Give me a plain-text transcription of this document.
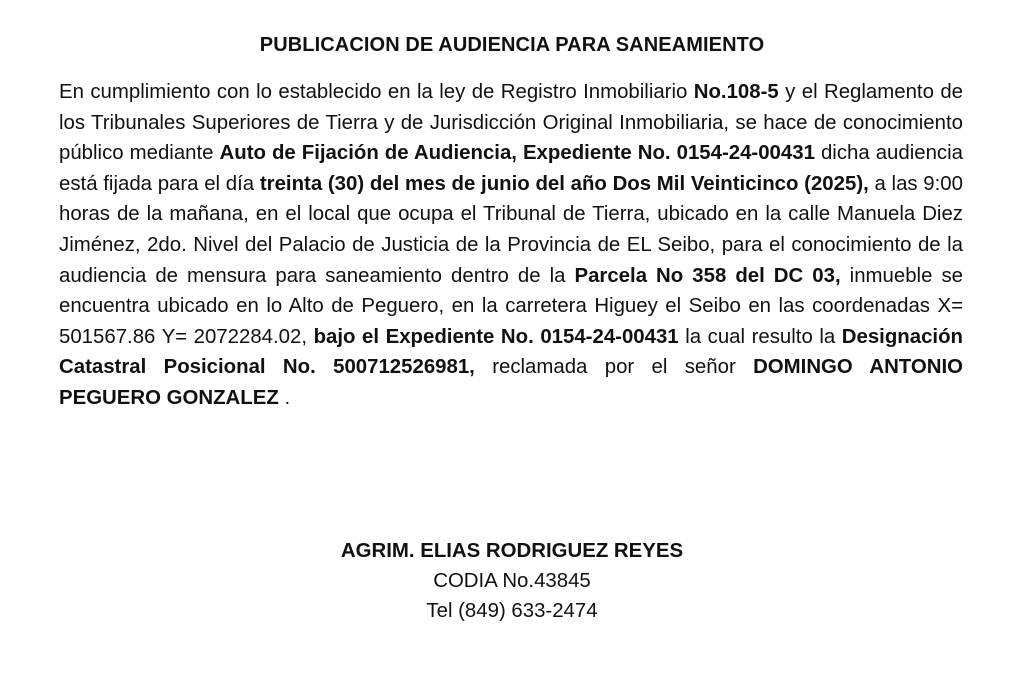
PUBLICACION DE AUDIENCIA PARA SANEAMIENTO
En cumplimiento con lo establecido en la ley de Registro Inmobiliario No.108-5 y el Reglamento de los Tribunales Superiores de Tierra y de Jurisdicción Original Inmobiliaria, se hace de conocimiento público mediante Auto de Fijación de Audiencia, Expediente No. 0154-24-00431 dicha audiencia está fijada para el día treinta (30) del mes de junio del año Dos Mil Veinticinco (2025), a las 9:00 horas de la mañana, en el local que ocupa el Tribunal de Tierra, ubicado en la calle Manuela Diez Jiménez, 2do. Nivel del Palacio de Justicia de la Provincia de EL Seibo, para el conocimiento de la audiencia de mensura para saneamiento dentro de la Parcela No 358 del DC 03, inmueble se encuentra ubicado en lo Alto de Peguero, en la carretera Higuey el Seibo en las coordenadas X= 501567.86 Y= 2072284.02, bajo el Expediente No. 0154-24-00431 la cual resulto la Designación Catastral Posicional No. 500712526981, reclamada por el señor DOMINGO ANTONIO PEGUERO GONZALEZ .
AGRIM. ELIAS RODRIGUEZ REYES
CODIA No.43845
Tel (849) 633-2474
